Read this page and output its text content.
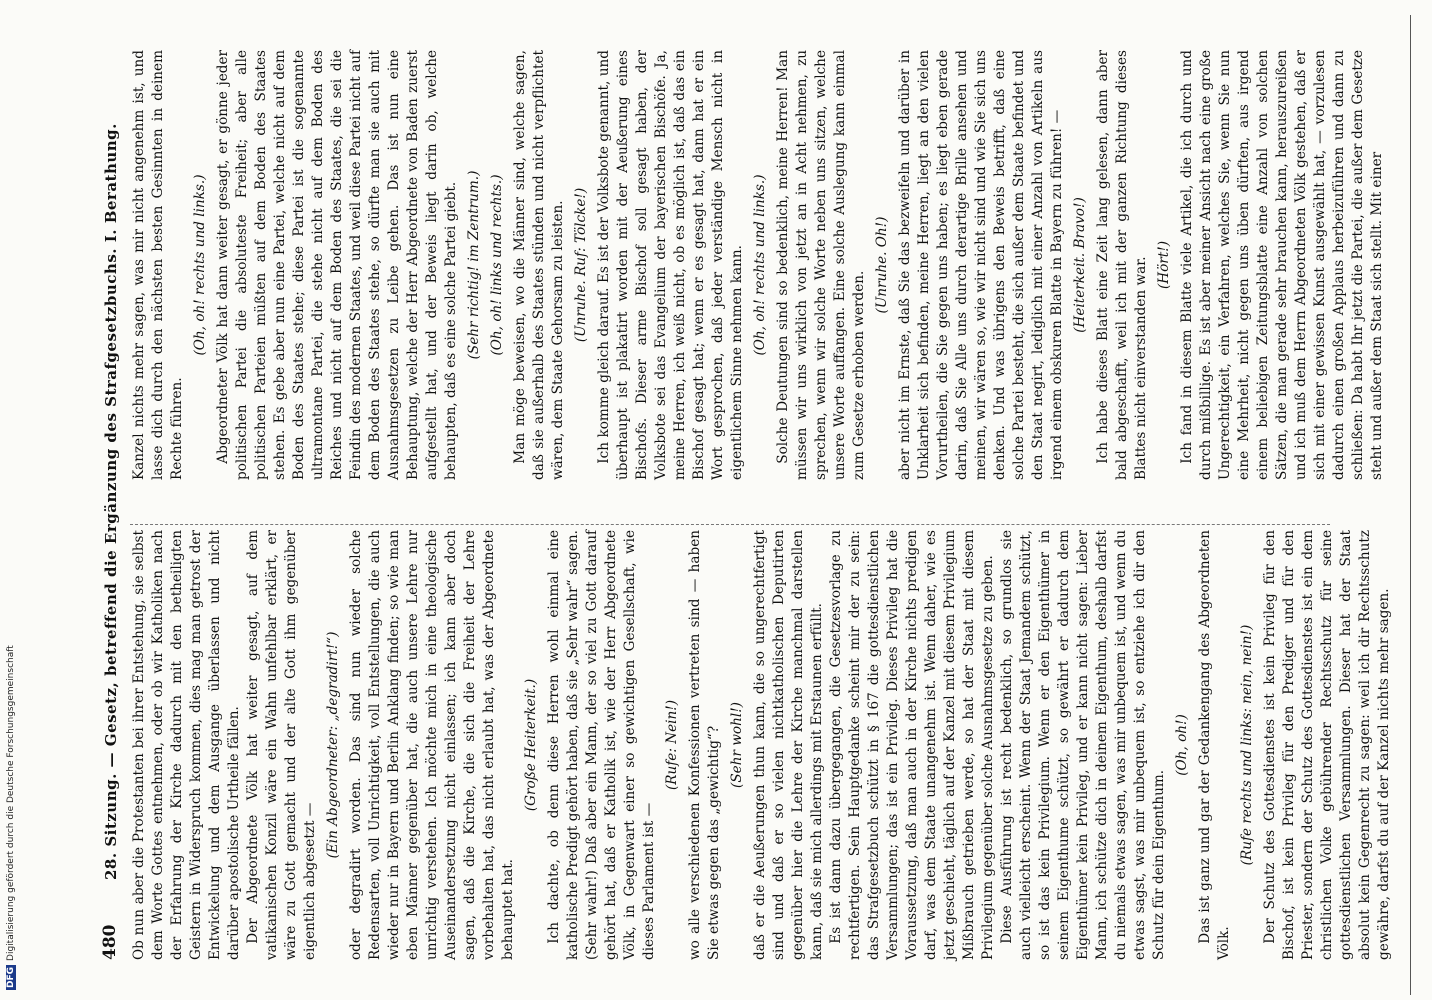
480
28. Sitzung. — Gesetz, betreffend die Ergänzung des Strafgesetzbuchs. I. Berathung. Ob nun aber die Protestanten bei ihrer Entstehung, sie selbst dem Worte Gottes entnehmen, oder ob wir Katholiken nach der Erfahrung der Kirche dadurch mit den betheiligten Geistern in Widerspruch kommen, dies mag man getrost der Entwickelung und dem Ausgange überlassen und nicht darüber apostolische Urtheile fällen. Der Abgeordnete Völk hat weiter gesagt, auf dem vatikanischen Konzil wäre ein Wahn unfehlbar erklärt, er wäre zu Gott gemacht und der alte Gott ihm gegenüber eigentlich abgesetzt —

(Ein Abgeordneter: „degradirt!“) oder degradirt worden. Das sind nun wieder solche Redensarten, voll Unrichtigkeit, voll Entstellungen, die auch wieder nur in Bayern und Berlin Anklang finden; so wie man eben Männer gegenüber hat, die auch unsere Lehre nur unrichtig verstehen. Ich möchte mich in eine theologische Auseinandersetzung nicht einlassen; ich kann aber doch sagen, daß die Kirche, die sich die Freiheit der Lehre vorbehalten hat, das nicht erlaubt hat, was der Abgeordnete behauptet hat.

(Große Heiterkeit.) Ich dachte, ob denn diese Herren wohl einmal eine katholische Predigt gehört haben, daß sie „Sehr wahr“ sagen. (Sehr wahr!) Daß aber ein Mann, der so viel zu Gott darauf gehört hat, daß er Katholik ist, wie der Herr Abgeordnete Völk, in Gegenwart einer so gewichtigen Gesellschaft, wie dieses Parlament ist —

(Rufe: Nein!) wo alle verschiedenen Konfessionen vertreten sind — haben Sie etwas gegen das „gewichtig“? (Sehr wohl!) daß er die Aeußerungen thun kann, die so ungerechtfertigt sind und daß er so vielen nichtkatholischen Deputirten gegenüber hier die Lehre der Kirche manchmal darstellen kann, daß sie mich allerdings mit Erstaunen erfüllt. Es ist dann dazu übergegangen, die Gesetzesvorlage zu rechtfertigen. Sein Hauptgedanke scheint mir der zu sein: das Strafgesetzbuch schützt in § 167 die gottesdienstlichen Versammlungen; das ist ein Privileg. Dieses Privileg hat die Voraussetzung, daß man auch in der Kirche nichts predigen darf, was dem Staate unangenehm ist. Wenn daher, wie es jetzt geschieht, täglich auf der Kanzel mit diesem Privilegium Mißbrauch getrieben werde, so hat der Staat mit diesem Privilegium gegenüber solche Ausnahmsgesetze zu geben. Diese Ausführung ist recht bedenklich, so grundlos sie auch vielleicht erscheint. Wenn der Staat Jemandem schützt, so ist das kein Privilegium. Wenn er den Eigenthümer in seinem Eigenthume schützt, so gewährt er dadurch dem Eigenthümer kein Privileg, und er kann nicht sagen: Lieber Mann, ich schütze dich in deinem Eigenthum, deshalb darfst du niemals etwas sagen, was mir unbequem ist, und wenn du etwas sagst, was mir unbequem ist, so entziehe ich dir den Schutz für dein Eigenthum.

(Oh, oh!) Das ist ganz und gar der Gedankengang des Abgeordneten Völk.

(Rufe rechts und links: nein, nein!) Der Schutz des Gottesdienstes ist kein Privileg für den Bischof, ist kein Privileg für den Prediger und für den Priester, sondern der Schutz des Gottesdienstes ist ein dem christlichen Volke gebührender Rechtsschutz für seine gottesdienstlichen Versammlungen. Dieser hat der Staat absolut kein Gegenrecht zu sagen: weil ich dir Rechtsschutz gewähre, darfst du auf der Kanzel nichts mehr sagen.

Kanzel nichts mehr sagen, was mir nicht angenehm ist, und lasse dich durch den nächsten besten Gesinnten in deinem Rechte führen.

(Oh, oh! rechts und links.) Abgeordneter Völk hat dann weiter gesagt, er gönne jeder politischen Partei die absoluteste Freiheit; aber alle politischen Parteien müßten auf dem Boden des Staates stehen. Es gebe aber nun eine Partei, welche nicht auf dem Boden des Staates stehe; diese Partei ist die sogenannte ultramontane Partei, die stehe nicht auf dem Boden des Reiches und nicht auf dem Boden des Staates, die sei die Feindin des modernen Staates, und weil diese Partei nicht auf dem Boden des Staates stehe, so dürfte man sie auch mit Ausnahmsgesetzen zu Leibe gehen. Das ist nun eine Behauptung, welche der Herr Abgeordnete von Baden zuerst aufgestellt hat, und der Beweis liegt darin ob, welche behaupten, daß es eine solche Partei giebt. (Sehr richtig! im Zentrum.) (Oh, oh! links und rechts.) Man möge beweisen, wo die Männer sind, welche sagen, daß sie außerhalb des Staates stünden und nicht verpflichtet wären, dem Staate Gehorsam zu leisten. (Unruhe. Ruf: Tölcke!) Ich komme gleich darauf. Es ist der Volksbote genannt, und überhaupt ist plakatirt worden mit der Aeußerung eines Bischofs. Dieser arme Bischof soll gesagt haben, der Volksbote sei das Evangelium der bayerischen Bischöfe. Ja, meine Herren, ich weiß nicht, ob es möglich ist, daß das ein Bischof gesagt hat; wenn er es gesagt hat, dann hat er ein Wort gesprochen, daß jeder verständige Mensch nicht in eigentlichem Sinne nehmen kann. (Oh, oh! rechts und links.) Solche Deutungen sind so bedenklich, meine Herren! Man müssen wir uns wirklich von jetzt an in Acht nehmen, zu sprechen, wenn wir solche Worte neben uns sitzen, welche unsere Worte auffangen. Eine solche Auslegung kann einmal zum Gesetze erhoben werden.

(Unruhe. Oh!) aber nicht im Ernste, daß Sie das bezweifeln und darüber in Unklarheit sich befinden, meine Herren, liegt an den vielen Vorurtheilen, die Sie gegen uns haben; es liegt eben gerade darin, daß Sie Alle uns durch derartige Brille ansehen und meinen, wir wären so, wie wir nicht sind und wie Sie sich uns denken. Und was übrigens den Beweis betrifft, daß eine solche Partei besteht, die sich außer dem Staate befindet und den Staat negirt, lediglich mit einer Anzahl von Artikeln aus irgend einem obskuren Blatte in Bayern zu führen! — (Heiterkeit. Bravo!) Ich habe dieses Blatt eine Zeit lang gelesen, dann aber bald abgeschafft, weil ich mit der ganzen Richtung dieses Blattes nicht einverstanden war. (Hört!) Ich fand in diesem Blatte viele Artikel, die ich durch und durch mißbillige. Es ist aber meiner Ansicht nach eine große Ungerechtigkeit, ein Verfahren, welches Sie, wenn Sie nun eine Mehrheit, nicht gegen uns üben dürften, aus irgend einem beliebigen Zeitungsblatte eine Anzahl von solchen Sätzen, die man gerade sehr brauchen kann, herauszureißen und ich muß dem Herrn Abgeordneten Völk gestehen, daß er sich mit einer gewissen Kunst ausgewählt hat, — vorzulesen dadurch einen großen Applaus herbeizuführen und dann zu schließen: Da habt Ihr jetzt die Partei, die außer dem Gesetze steht und außer dem Staat sich stellt. Mit einer

DFGDigitalisierung gefördert durch die Deutsche Forschungsgemeinschaft
